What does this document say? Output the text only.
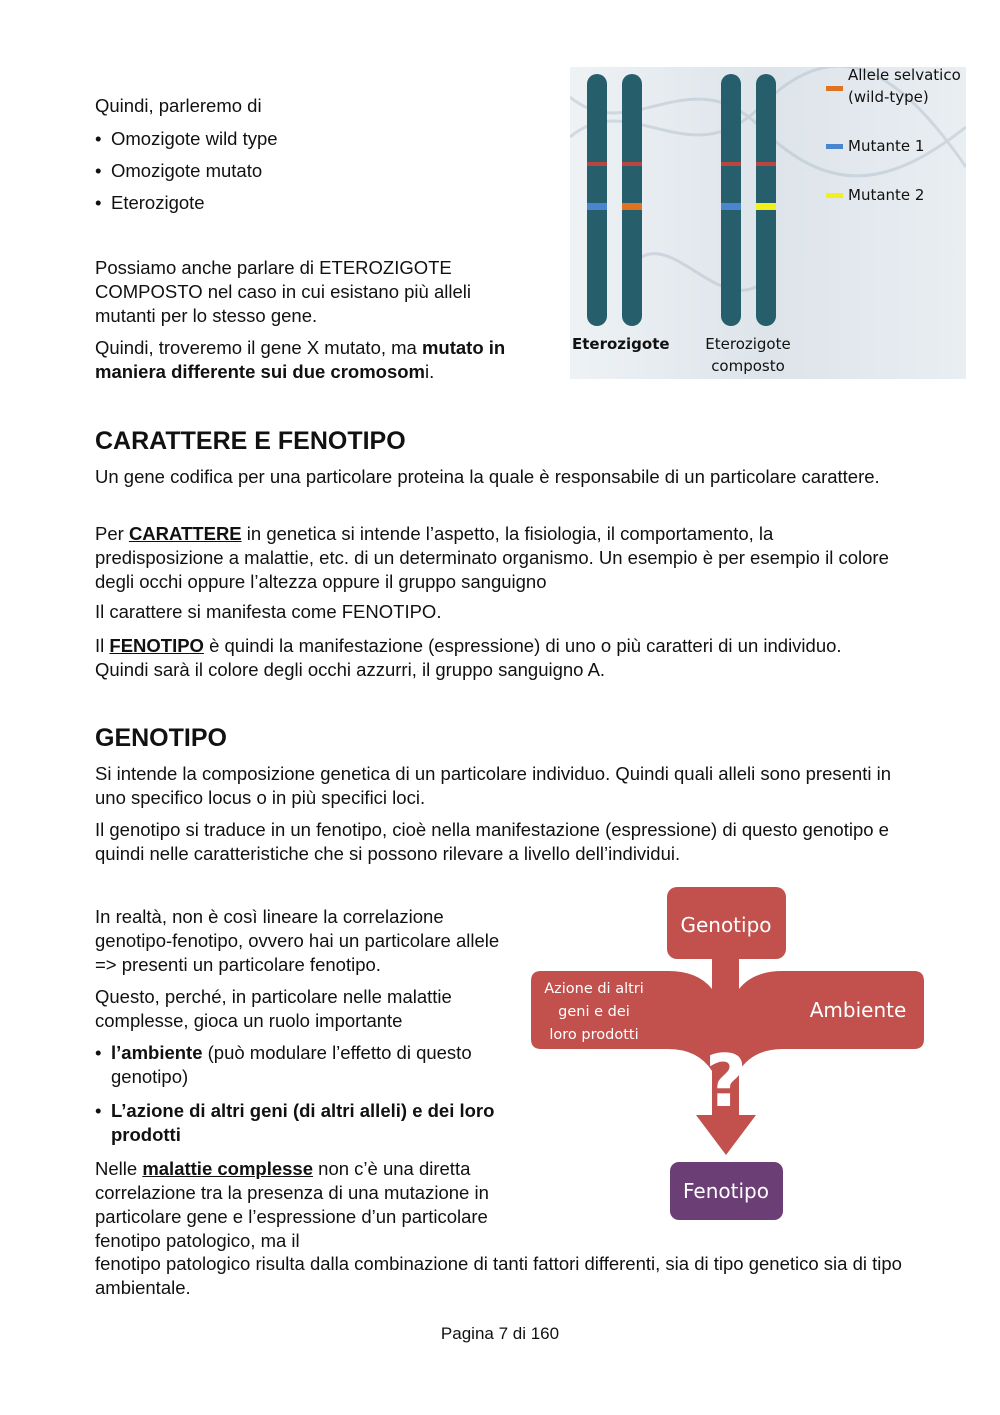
Quindi, parleremo di

• Omozigote wild type
• Omozigote mutato
• Eterozigote

Possiamo anche parlare di ETEROZIGOTE COMPOSTO nel caso in cui esistano più alleli mutanti per lo stesso gene.

Quindi, troveremo il gene X mutato, ma mutato in maniera differente sui due cromosomi.

Allele selvatico
(wild-type)
Mutante 1
Mutante 2
Eterozigote Eterozigote
composto
CARATTERE E FENOTIPO

Un gene codifica per una particolare proteina la quale è responsabile di un particolare carattere.

Per CARATTERE in genetica si intende l’aspetto, la fisiologia, il comportamento, la predisposizione a malattie, etc. di un determinato organismo. Un esempio è per esempio il colore degli occhi oppure l’altezza oppure il gruppo sanguigno

Il carattere si manifesta come FENOTIPO.

Il FENOTIPO è quindi la manifestazione (espressione) di uno o più caratteri di un individuo. Quindi sarà il colore degli occhi azzurri, il gruppo sanguigno A.

GENOTIPO

Si intende la composizione genetica di un particolare individuo. Quindi quali alleli sono presenti in uno specifico locus o in più specifici loci.

Il genotipo si traduce in un fenotipo, cioè nella manifestazione (espressione) di questo genotipo e quindi nelle caratteristiche che si possono rilevare a livello dell’individui.

In realtà, non è così lineare la correlazione genotipo-fenotipo, ovvero hai un particolare allele => presenti un particolare fenotipo.

Questo, perché, in particolare nelle malattie complesse, gioca un ruolo importante

• l’ambiente (può modulare l’effetto di questo genotipo)
• L’azione di altri geni (di altri alleli) e dei loro prodotti

Nelle malattie complesse non c’è una diretta correlazione tra la presenza di una mutazione in particolare gene e l’espressione d’un particolare fenotipo patologico, ma il

fenotipo patologico risulta dalla combinazione di tanti fattori differenti, sia di tipo genetico sia di tipo ambientale.

Genotipo
Ambiente
Azione di altri
geni e dei
loro prodotti
?
Fenotipo
Pagina 7 di 160
